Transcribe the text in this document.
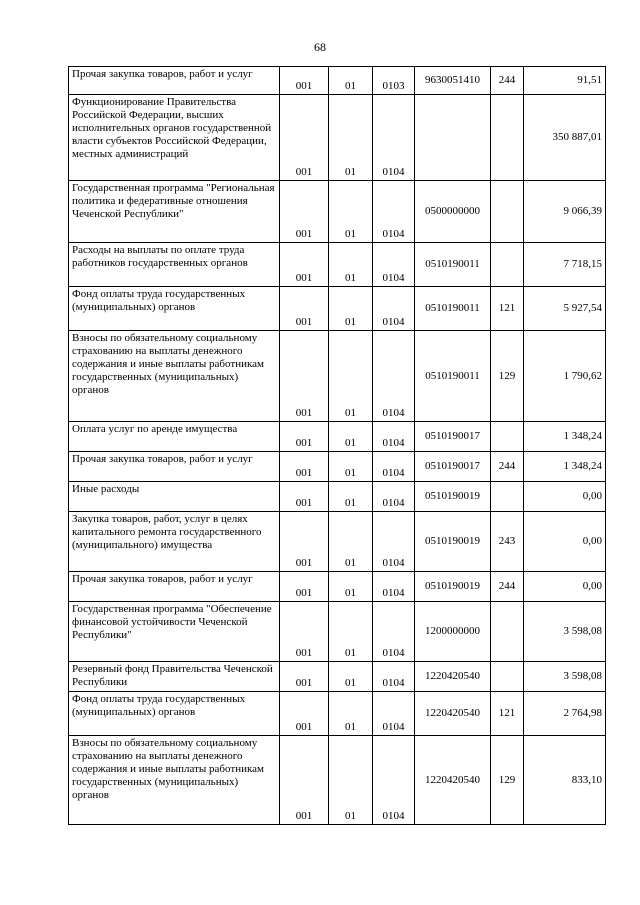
68
Прочая закупка товаров, работ и услуг	001	01	0103	9630051410	244	91,51
Функционирование Правительства Российской Федерации, высших исполнительных органов государственной власти субъектов Российской Федерации, местных администраций	001	01	0104			350 887,01
Государственная программа "Региональная политика и федеративные отношения Чеченской Республики"	001	01	0104	0500000000		9 066,39
Расходы на выплаты по оплате труда работников государственных органов	001	01	0104	0510190011		7 718,15
Фонд оплаты труда государственных (муниципальных) органов	001	01	0104	0510190011	121	5 927,54
Взносы по обязательному социальному страхованию на выплаты денежного содержания и иные выплаты работникам государственных (муниципальных) органов	001	01	0104	0510190011	129	1 790,62
Оплата услуг по аренде имущества	001	01	0104	0510190017		1 348,24
Прочая закупка товаров, работ и услуг	001	01	0104	0510190017	244	1 348,24
Иные расходы	001	01	0104	0510190019		0,00
Закупка товаров, работ, услуг в целях капитального ремонта государственного (муниципального) имущества	001	01	0104	0510190019	243	0,00
Прочая закупка товаров, работ и услуг	001	01	0104	0510190019	244	0,00
Государственная программа "Обеспечение финансовой устойчивости Чеченской Республики"	001	01	0104	1200000000		3 598,08
Резервный фонд Правительства Чеченской Республики	001	01	0104	1220420540		3 598,08
Фонд оплаты труда государственных (муниципальных) органов	001	01	0104	1220420540	121	2 764,98
Взносы по обязательному социальному страхованию на выплаты денежного содержания и иные выплаты работникам государственных (муниципальных) органов	001	01	0104	1220420540	129	833,10
